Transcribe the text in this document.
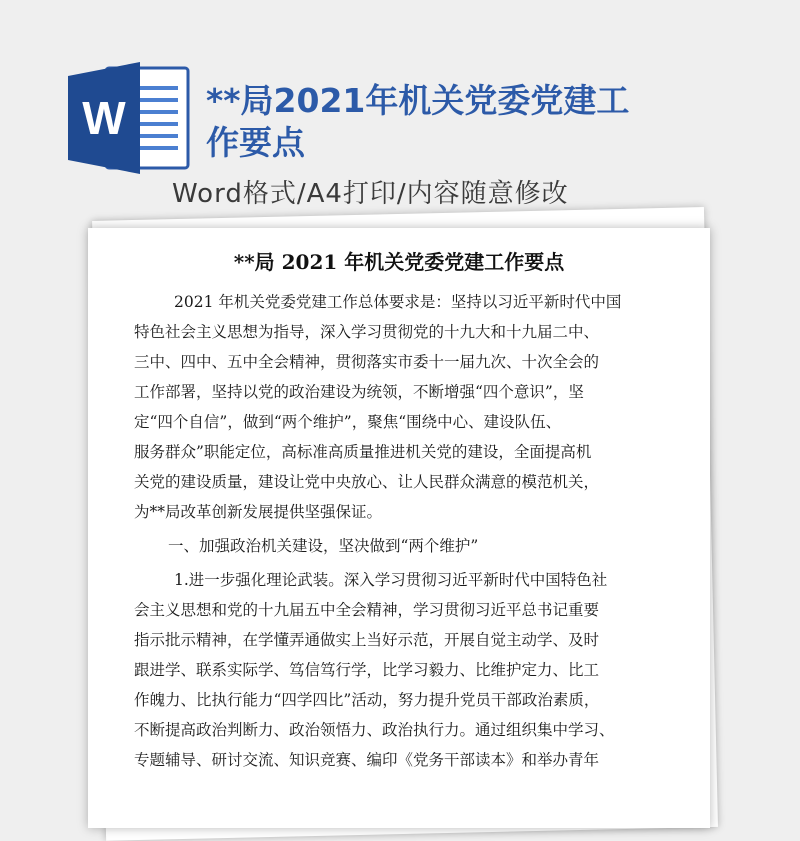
W **局2021年机关党委党建工
作要点
Word格式/A4打印/内容随意修改
**局 2021 年机关党委党建工作要点
2021 年机关党委党建工作总体要求是：坚持以习近平新时代中国
特色社会主义思想为指导，深入学习贯彻党的十九大和十九届二中、
三中、四中、五中全会精神，贯彻落实市委十一届九次、十次全会的
工作部署，坚持以党的政治建设为统领，不断增强“四个意识”，坚
定“四个自信”，做到“两个维护”，聚焦“围绕中心、建设队伍、
服务群众”职能定位，高标准高质量推进机关党的建设，全面提高机
关党的建设质量，建设让党中央放心、让人民群众满意的模范机关，
为**局改革创新发展提供坚强保证。
一、加强政治机关建设，坚决做到“两个维护”
1.进一步强化理论武装。深入学习贯彻习近平新时代中国特色社
会主义思想和党的十九届五中全会精神，学习贯彻习近平总书记重要
指示批示精神，在学懂弄通做实上当好示范，开展自觉主动学、及时
跟进学、联系实际学、笃信笃行学，比学习毅力、比维护定力、比工
作魄力、比执行能力“四学四比”活动，努力提升党员干部政治素质，
不断提高政治判断力、政治领悟力、政治执行力。通过组织集中学习、
专题辅导、研讨交流、知识竞赛、编印《党务干部读本》和举办青年
